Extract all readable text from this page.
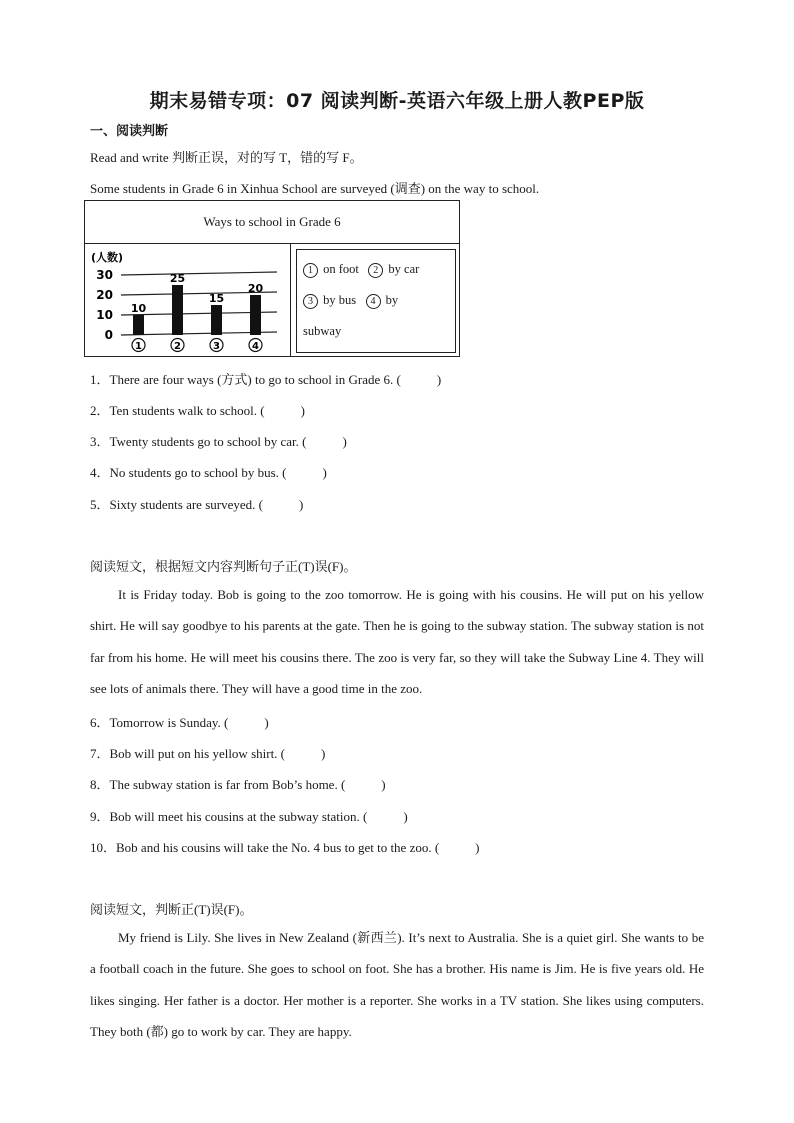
期末易错专项：07 阅读判断-英语六年级上册人教PEP版
一、阅读判断
Read and write 判断正误，对的写 T，错的写 F。
Some students in Grade 6 in Xinhua School are surveyed (调查) on the way to school.
Ways to school in Grade 6
(人数)
30
20
10
0
10
1
25
2
15
3
20
4
1 on foot 2 by car
3 by bus 4 by
subway
1．There are four ways (方式) to go to school in Grade 6. (	)
2．Ten students walk to school. (	)
3．Twenty students go to school by car. (	)
4．No students go to school by bus. (	)
5．Sixty students are surveyed. (	)
阅读短文，根据短文内容判断句子正(T)误(F)。
It is Friday today. Bob is going to the zoo tomorrow. He is going with his cousins. He will put on his yellow shirt. He will say goodbye to his parents at the gate. Then he is going to the subway station. The subway station is not far from his home. He will meet his cousins there. The zoo is very far, so they will take the Subway Line 4. They will see lots of animals there. They will have a good time in the zoo.
6．Tomorrow is Sunday. (	)
7．Bob will put on his yellow shirt. (	)
8．The subway station is far from Bob’s home. (	)
9．Bob will meet his cousins at the subway station. (	)
10．Bob and his cousins will take the No. 4 bus to get to the zoo. (	)
阅读短文，判断正(T)误(F)。
My friend is Lily. She lives in New Zealand (新西兰). It’s next to Australia. She is a quiet girl. She wants to be a football coach in the future. She goes to school on foot. She has a brother. His name is Jim. He is five years old. He likes singing. Her father is a doctor. Her mother is a reporter. She works in a TV station. She likes using computers. They both (都) go to work by car. They are happy.
